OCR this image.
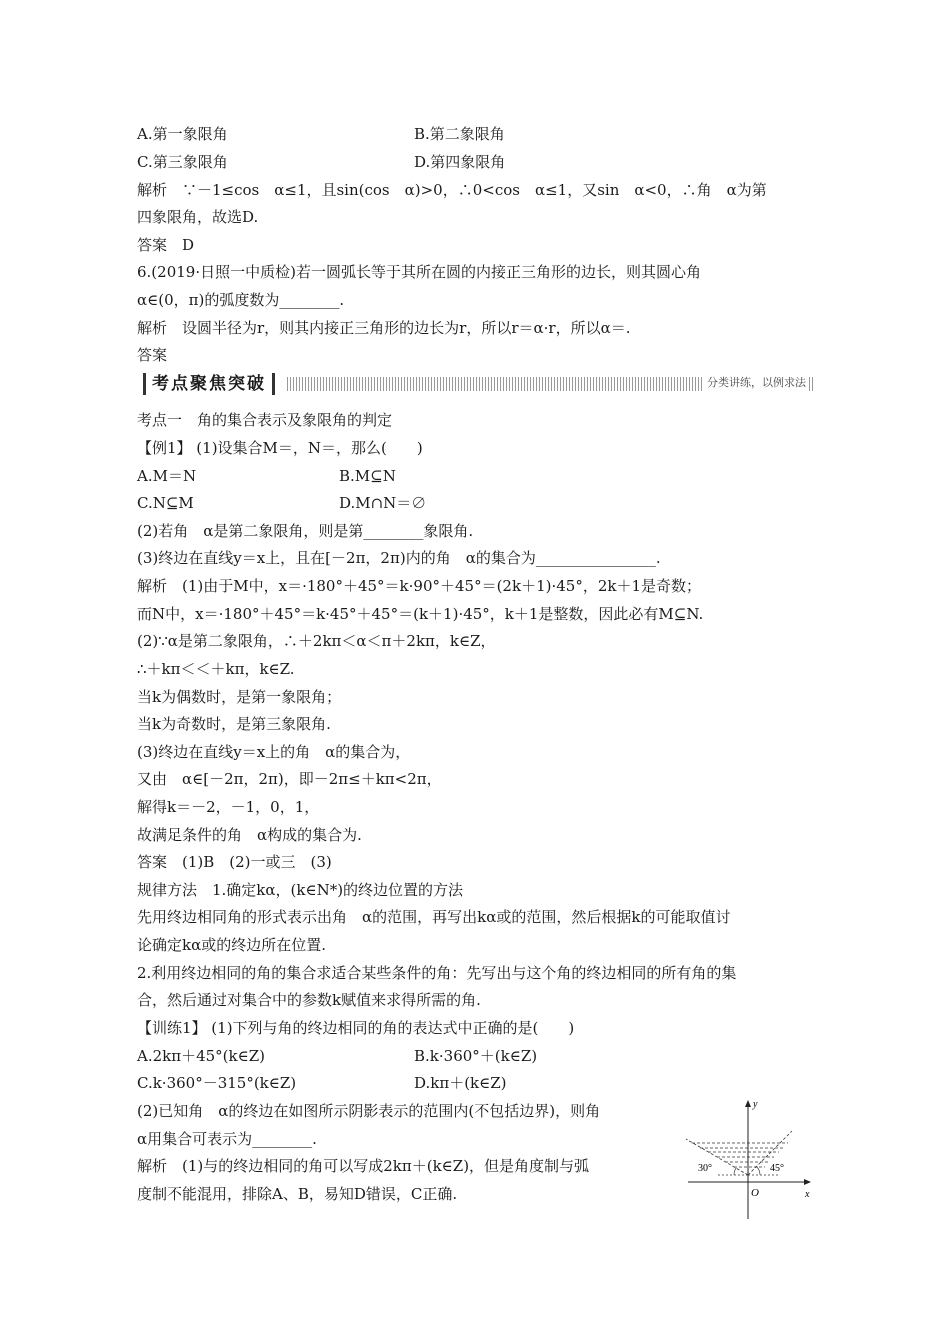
A.第一象限角
C.第三象限角
解析　∵－1≤cos　α≤1，且sin(cos　α)>0，∴0<cos　α≤1，又sin　α<0，∴角　α为第
四象限角，故选D.
答案　D
6.(2019·日照一中质检)若一圆弧长等于其所在圆的内接正三角形的边长，则其圆心角
α∈(0，π)的弧度数为________.
解析　设圆半径为r，则其内接正三角形的边长为r，所以r＝α·r，所以α＝.
答案
考点一　角的集合表示及象限角的判定
【例1】 (1)设集合M＝，N＝，那么(　　)
A.M＝N
C.N⊆M
(2)若角　α是第二象限角，则是第________象限角.
(3)终边在直线y＝x上，且在[－2π，2π)内的角　α的集合为________________.
解析　(1)由于M中，x＝·180°＋45°＝k·90°＋45°＝(2k＋1)·45°，2k＋1是奇数；
而N中，x＝·180°＋45°＝k·45°＋45°＝(k＋1)·45°，k＋1是整数，因此必有M⊆N.
(2)∵α是第二象限角，∴＋2kπ＜α＜π＋2kπ，k∈Z，
∴＋kπ＜＜＋kπ，k∈Z.
当k为偶数时，是第一象限角；
当k为奇数时，是第三象限角.
(3)终边在直线y＝x上的角　α的集合为，
又由　α∈[－2π，2π)，即－2π≤＋kπ<2π，
解得k＝－2，－1，0，1，
故满足条件的角　α构成的集合为.
答案　(1)B　(2)一或三　(3)
规律方法　1.确定kα，(k∈N*)的终边位置的方法
先用终边相同角的形式表示出角　α的范围，再写出kα或的范围，然后根据k的可能取值讨
论确定kα或的终边所在位置.
2.利用终边相同的角的集合求适合某些条件的角：先写出与这个角的终边相同的所有角的集
合，然后通过对集合中的参数k赋值来求得所需的角.
【训练1】 (1)下列与角的终边相同的角的表达式中正确的是(　　)
A.2kπ＋45°(k∈Z)
C.k·360°－315°(k∈Z)
(2)已知角　α的终边在如图所示阴影表示的范围内(不包括边界)，则角
α用集合可表示为________.
解析　(1)与的终边相同的角可以写成2kπ＋(k∈Z)，但是角度制与弧
度制不能混用，排除A、B，易知D错误，C正确.
B.第二象限角
D.第四象限角
B.k·360°＋(k∈Z)
D.kπ＋(k∈Z)
B.M⊆N
D.M∩N＝∅
考点聚焦突破	分类讲练，以例求法
y
x
O
30°	45°
